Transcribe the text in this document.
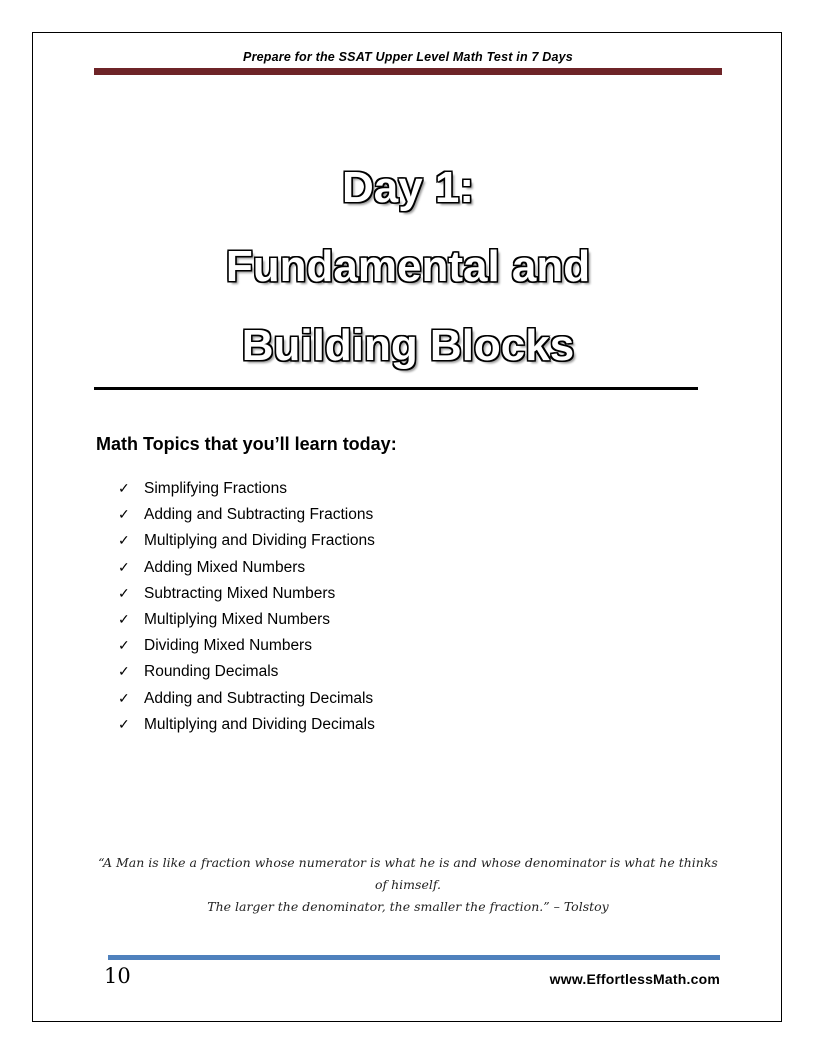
Prepare for the SSAT Upper Level Math Test in 7 Days
Day 1:
Fundamental and
Building Blocks
Math Topics that you’ll learn today:
✓ Simplifying Fractions
✓ Adding and Subtracting Fractions
✓ Multiplying and Dividing Fractions
✓ Adding Mixed Numbers
✓ Subtracting Mixed Numbers
✓ Multiplying Mixed Numbers
✓ Dividing Mixed Numbers
✓ Rounding Decimals
✓ Adding and Subtracting Decimals
✓ Multiplying and Dividing Decimals
“A Man is like a fraction whose numerator is what he is and whose denominator is what he thinks of himself.
The larger the denominator, the smaller the fraction.” – Tolstoy
10	www.EffortlessMath.com
